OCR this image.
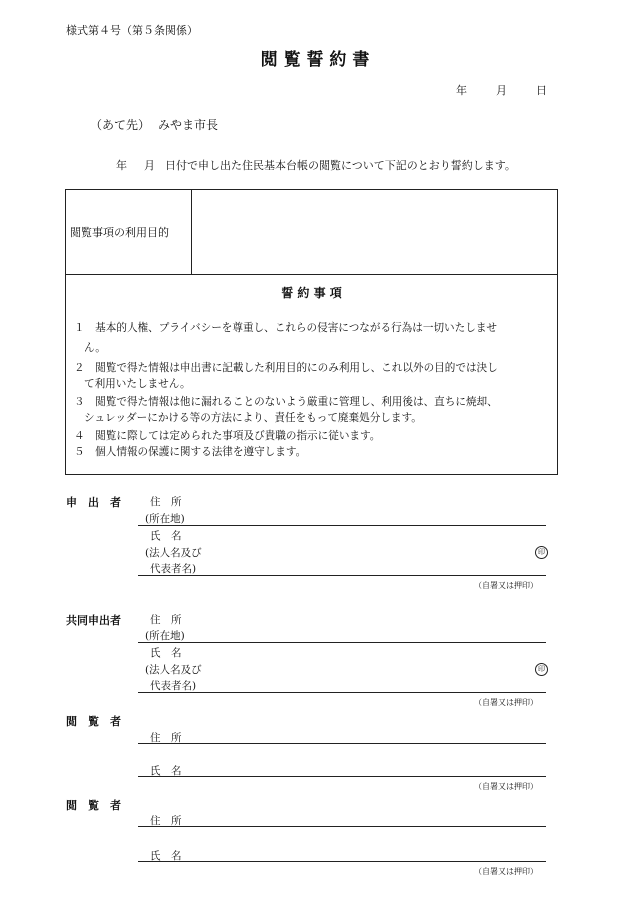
様式第４号（第５条関係）
閲 覧 誓 約 書
年	月	日
（あて先） みやま市長
年 月 日付で申し出た住民基本台帳の閲覧について下記のとおり誓約します。
閲覧事項の利用目的
誓 約 事 項
１　基本的人権、プライバシーを尊重し、これらの侵害につながる行為は一切いたしませ
ん。
２　閲覧で得た情報は申出書に記載した利用目的にのみ利用し、これ以外の目的では決し
て利用いたしません。
３　閲覧で得た情報は他に漏れることのないよう厳重に管理し、利用後は、直ちに焼却、
シュレッダーにかける等の方法により、責任をもって廃棄処分します。
４　閲覧に際しては定められた事項及び貴職の指示に従います。
５　個人情報の保護に関する法律を遵守します。
申　出　者	住　所
(所在地)
氏　名
(法人名及び
代表者名)
印
（自署又は押印）
共同申出者	住　所
(所在地)
氏　名
(法人名及び
代表者名)
印
（自署又は押印）
閲　覧　者
住　所
氏　名
（自署又は押印）
閲　覧　者
住　所
氏　名
（自署又は押印）
